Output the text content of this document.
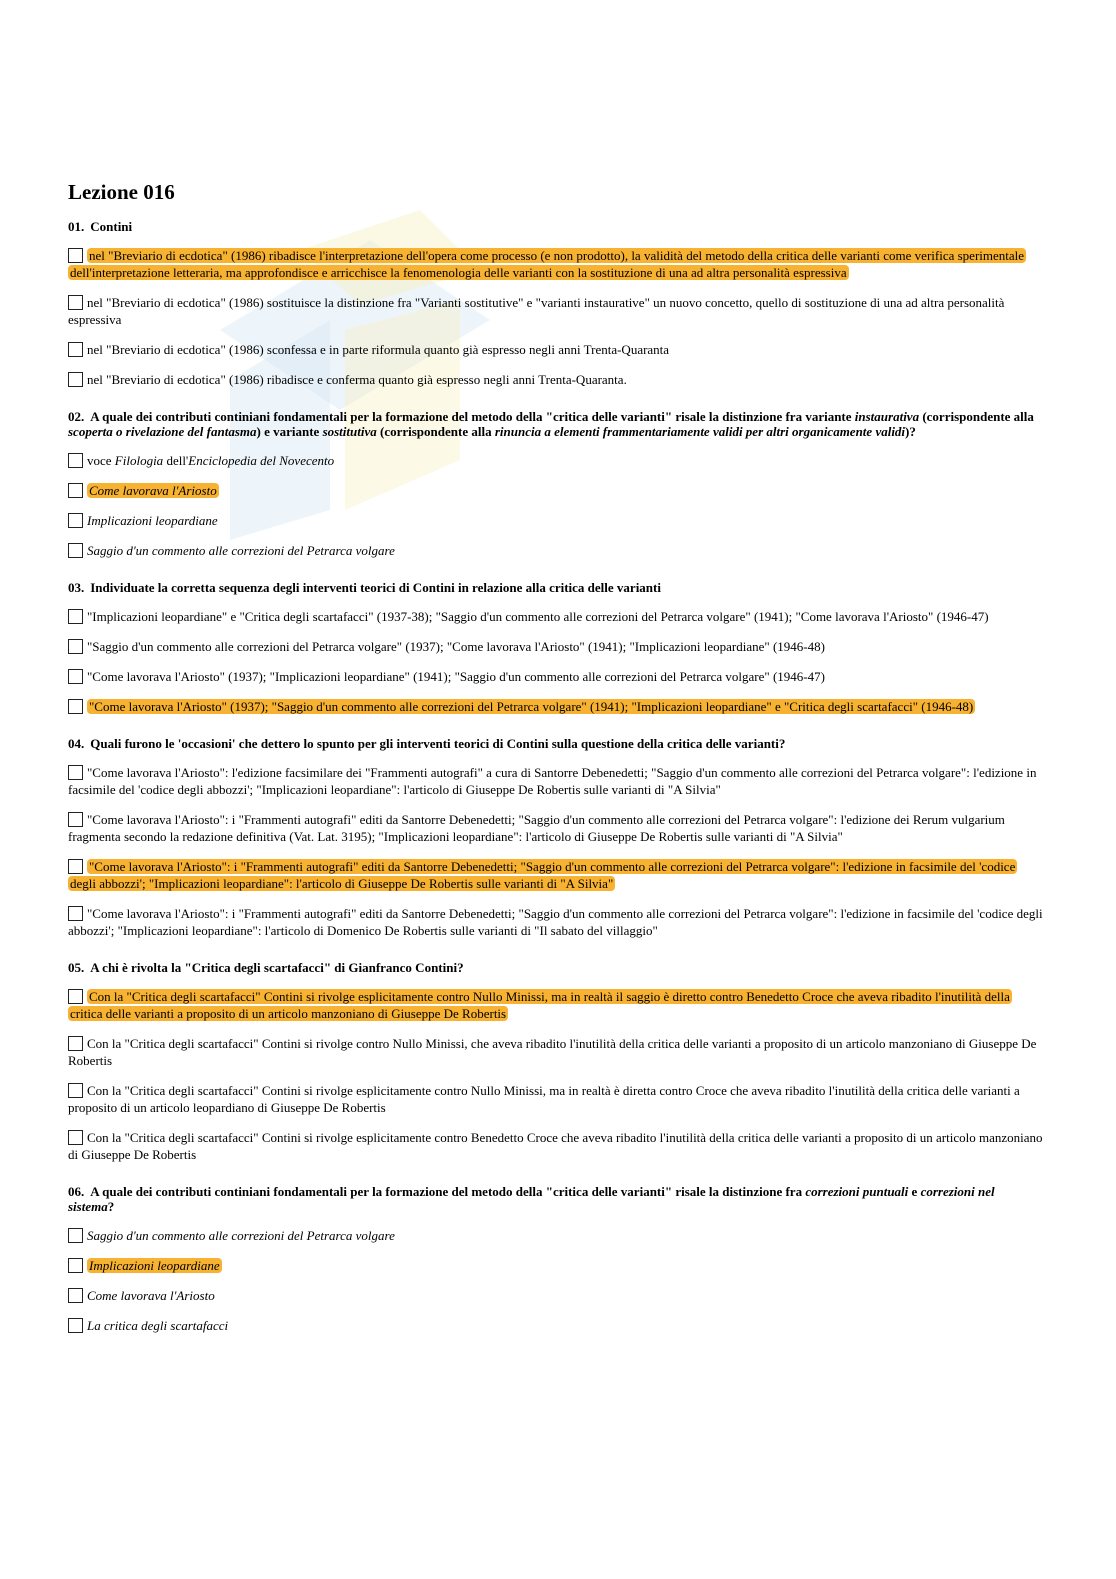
Lezione 016
01. Contini
nel "Breviario di ecdotica" (1986) ribadisce l'interpretazione dell'opera come processo (e non prodotto), la validità del metodo della critica delle varianti come verifica sperimentale dell'interpretazione letteraria, ma approfondisce e arricchisce la fenomenologia delle varianti con la sostituzione di una ad altra personalità espressiva
nel "Breviario di ecdotica" (1986) sostituisce la distinzione fra "Varianti sostitutive" e "varianti instaurative" un nuovo concetto, quello di sostituzione di una ad altra personalità espressiva
nel "Breviario di ecdotica" (1986) sconfessa e in parte riformula quanto già espresso negli anni Trenta-Quaranta
nel "Breviario di ecdotica" (1986) ribadisce e conferma quanto già espresso negli anni Trenta-Quaranta.
02. A quale dei contributi continiani fondamentali per la formazione del metodo della "critica delle varianti" risale la distinzione fra variante instaurativa (corrispondente alla scoperta o rivelazione del fantasma) e variante sostitutiva (corrispondente alla rinuncia a elementi frammentariamente validi per altri organicamente validi)?
voce Filologia dell'Enciclopedia del Novecento
Come lavorava l'Ariosto
Implicazioni leopardiane
Saggio d'un commento alle correzioni del Petrarca volgare
03. Individuate la corretta sequenza degli interventi teorici di Contini in relazione alla critica delle varianti
"Implicazioni leopardiane" e "Critica degli scartafacci" (1937-38); "Saggio d'un commento alle correzioni del Petrarca volgare" (1941); "Come lavorava l'Ariosto" (1946-47)
"Saggio d'un commento alle correzioni del Petrarca volgare" (1937); "Come lavorava l'Ariosto" (1941); "Implicazioni leopardiane" (1946-48)
"Come lavorava l'Ariosto" (1937); "Implicazioni leopardiane" (1941); "Saggio d'un commento alle correzioni del Petrarca volgare" (1946-47)
"Come lavorava l'Ariosto" (1937); "Saggio d'un commento alle correzioni del Petrarca volgare" (1941); "Implicazioni leopardiane" e "Critica degli scartafacci" (1946-48)
04. Quali furono le 'occasioni' che dettero lo spunto per gli interventi teorici di Contini sulla questione della critica delle varianti?
"Come lavorava l'Ariosto": l'edizione facsimilare dei "Frammenti autografi" a cura di Santorre Debenedetti; "Saggio d'un commento alle correzioni del Petrarca volgare": l'edizione in facsimile del 'codice degli abbozzi'; "Implicazioni leopardiane": l'articolo di Giuseppe De Robertis sulle varianti di "A Silvia"
"Come lavorava l'Ariosto": i "Frammenti autografi" editi da Santorre Debenedetti; "Saggio d'un commento alle correzioni del Petrarca volgare": l'edizione dei Rerum vulgarium fragmenta secondo la redazione definitiva (Vat. Lat. 3195); "Implicazioni leopardiane": l'articolo di Giuseppe De Robertis sulle varianti di "A Silvia"
"Come lavorava l'Ariosto": i "Frammenti autografi" editi da Santorre Debenedetti; "Saggio d'un commento alle correzioni del Petrarca volgare": l'edizione in facsimile del 'codice degli abbozzi'; "Implicazioni leopardiane": l'articolo di Giuseppe De Robertis sulle varianti di "A Silvia"
"Come lavorava l'Ariosto": i "Frammenti autografi" editi da Santorre Debenedetti; "Saggio d'un commento alle correzioni del Petrarca volgare": l'edizione in facsimile del 'codice degli abbozzi'; "Implicazioni leopardiane": l'articolo di Domenico De Robertis sulle varianti di "Il sabato del villaggio"
05. A chi è rivolta la "Critica degli scartafacci" di Gianfranco Contini?
Con la "Critica degli scartafacci" Contini si rivolge esplicitamente contro Nullo Minissi, ma in realtà il saggio è diretto contro Benedetto Croce che aveva ribadito l'inutilità della critica delle varianti a proposito di un articolo manzoniano di Giuseppe De Robertis
Con la "Critica degli scartafacci" Contini si rivolge contro Nullo Minissi, che aveva ribadito l'inutilità della critica delle varianti a proposito di un articolo manzoniano di Giuseppe De Robertis
Con la "Critica degli scartafacci" Contini si rivolge esplicitamente contro Nullo Minissi, ma in realtà è diretta contro Croce che aveva ribadito l'inutilità della critica delle varianti a proposito di un articolo leopardiano di Giuseppe De Robertis
Con la "Critica degli scartafacci" Contini si rivolge esplicitamente contro Benedetto Croce che aveva ribadito l'inutilità della critica delle varianti a proposito di un articolo manzoniano di Giuseppe De Robertis
06. A quale dei contributi continiani fondamentali per la formazione del metodo della "critica delle varianti" risale la distinzione fra correzioni puntuali e correzioni nel sistema?
Saggio d'un commento alle correzioni del Petrarca volgare
Implicazioni leopardiane
Come lavorava l'Ariosto
La critica degli scartafacci
